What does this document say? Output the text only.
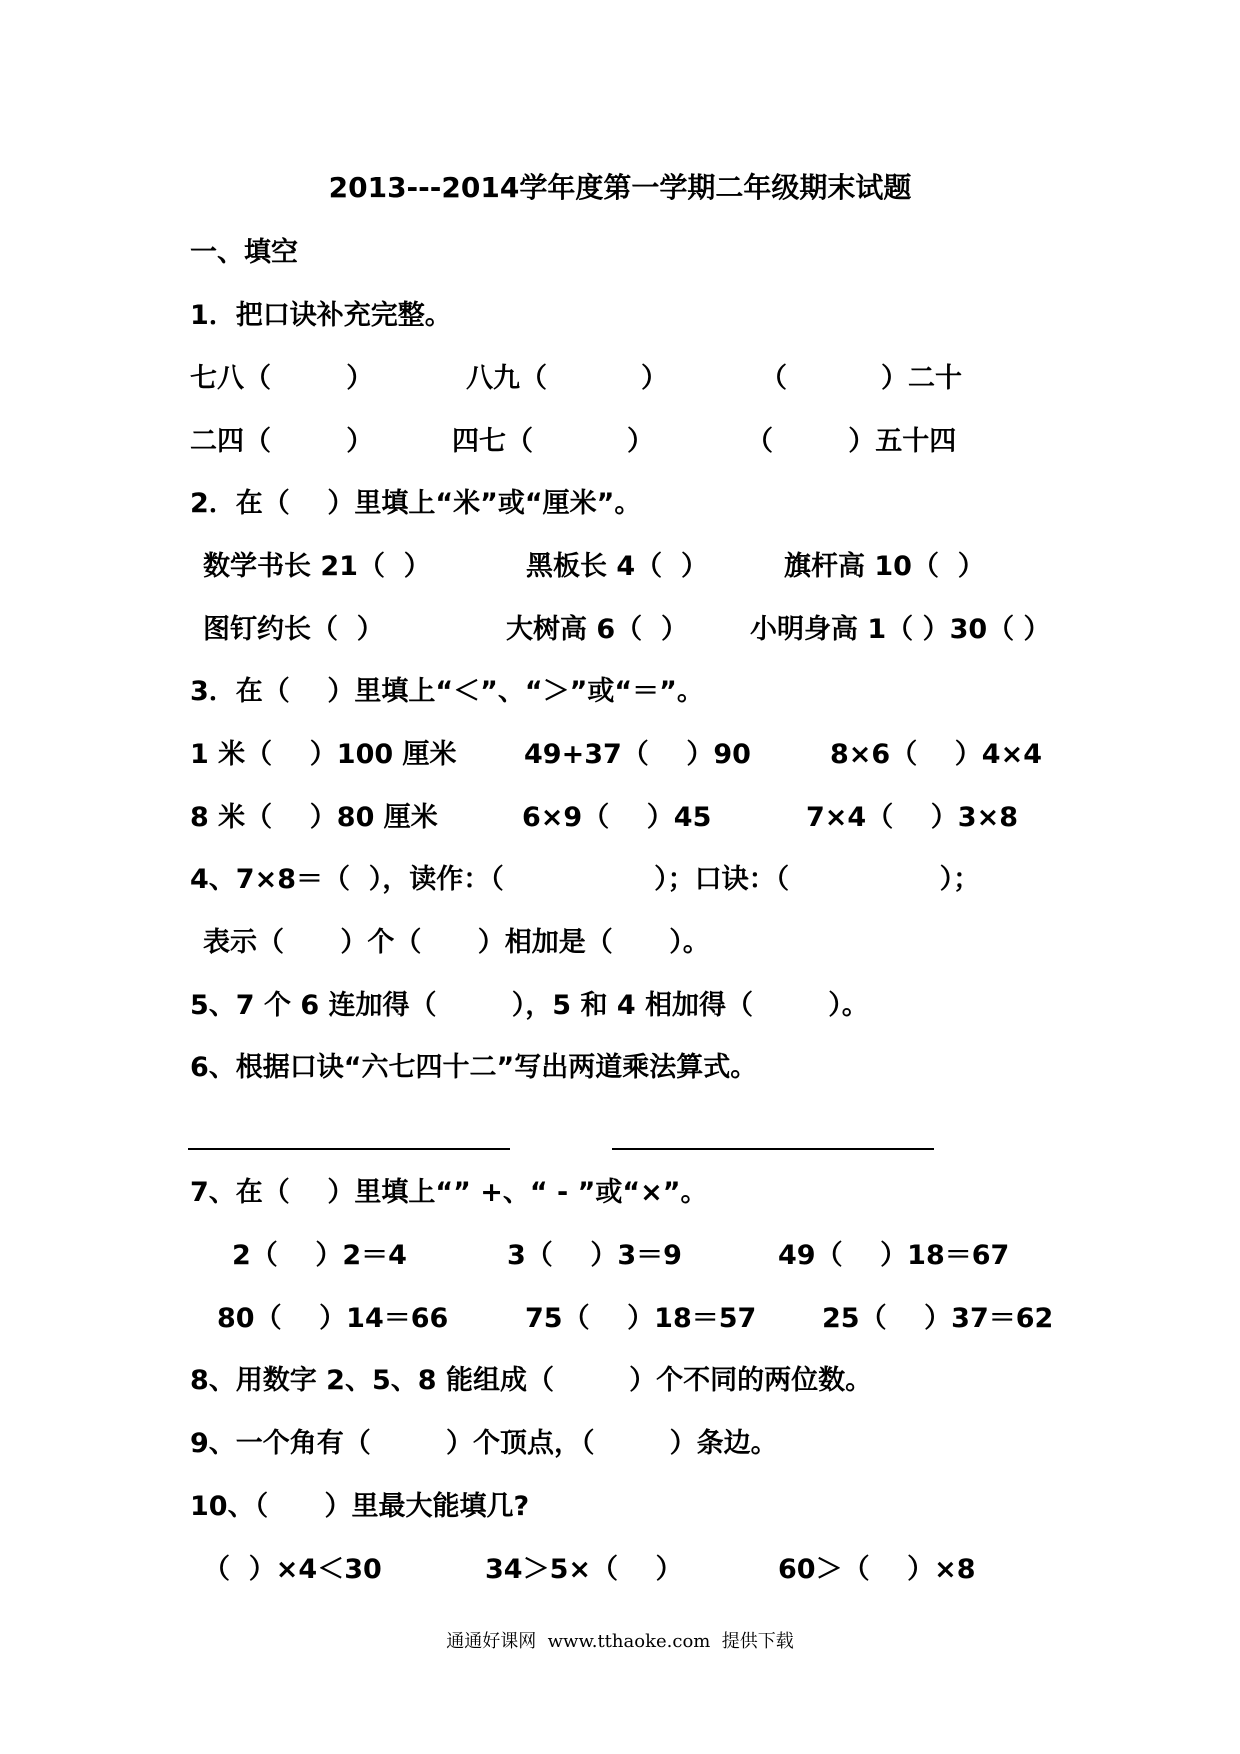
2013---2014学年度第一学期二年级期末试题
一、填空
1．把口诀补充完整。
七八（        ）	八九（          ）	（          ）二十
二四（        ）	四七（          ）	（        ）五十四
2．在（    ）里填上“米”或“厘米”。
数学书长 21（  ）	黑板长 4（  ）	旗杆高 10（  ）
图钉约长（  ）	大树高 6（  ） 小明身高 1（ ）30（ ）
3．在（    ）里填上“＜”、“＞”或“＝”。
1 米（    ）100 厘米 49+37（    ）90	8×6（    ）4×4
8 米（    ）80 厘米	6×9（    ）45	7×4（    ）3×8
4、7×8＝（  ），读作：（                ）；口诀：（                ）；
表示（      ）个（      ）相加是（      ）。
5、7 个 6 连加得（        ），5 和 4 相加得（        ）。
6、根据口诀“六七四十二”写出两道乘法算式。
7、在（    ）里填上“” +、“ - ”或“×”。
2（    ）2＝4	3（    ）3＝9	49（    ）18＝67
80（    ）14＝66	75（    ）18＝57 25（    ）37＝62
8、用数字 2、5、8 能组成（        ）个不同的两位数。
9、一个角有（        ）个顶点，（        ）条边。
10、（      ）里最大能填几?
（  ）×4＜30	34＞5×（    ）	60＞（    ）×8
通通好课网  www.tthaoke.com  提供下载
